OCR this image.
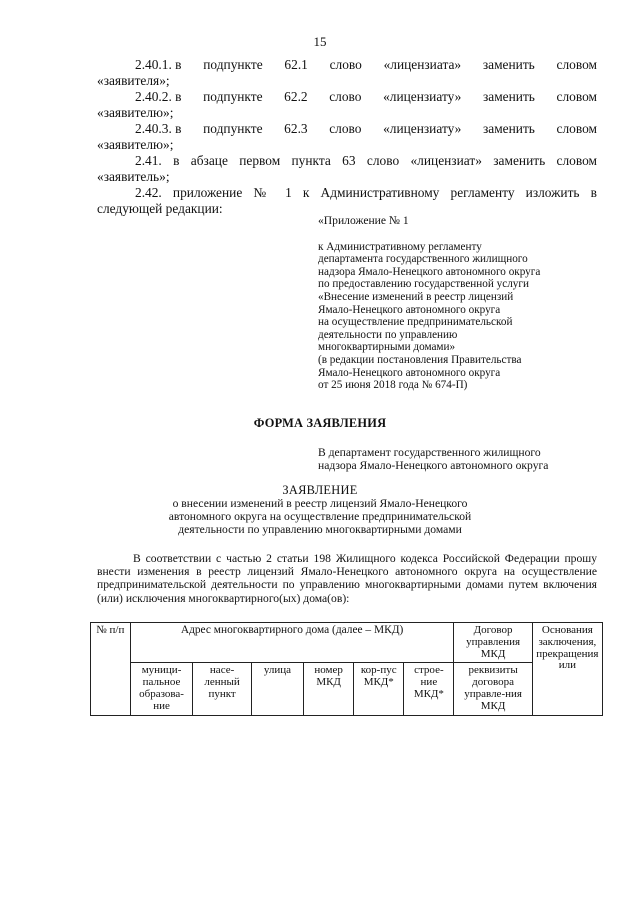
15
2.40.1. в подпункте 62.1 слово «лицензиата» заменить словом
«заявителя»;
2.40.2. в подпункте 62.2 слово «лицензиату» заменить словом
«заявителю»;
2.40.3. в подпункте 62.3 слово «лицензиату» заменить словом
«заявителю»;
2.41. в абзаце первом пункта 63 слово «лицензиат» заменить словом
«заявитель»;
2.42. приложение № 1 к Административному регламенту изложить в
следующей редакции:
«Приложение № 1
к Административному регламенту
департамента государственного жилищного
надзора Ямало-Ненецкого автономного округа
по предоставлению государственной услуги
«Внесение изменений в реестр лицензий
Ямало-Ненецкого автономного округа
на осуществление предпринимательской
деятельности по управлению
многоквартирными домами»
(в редакции постановления Правительства
Ямало-Ненецкого автономного округа
от 25 июня 2018 года № 674-П)
ФОРМА ЗАЯВЛЕНИЯ
В департамент государственного жилищного
надзора Ямало-Ненецкого автономного округа
ЗАЯВЛЕНИЕ
о внесении изменений в реестр лицензий Ямало-Ненецкого
автономного округа на осуществление предпринимательской
деятельности по управлению многоквартирными домами
В соответствии с частью 2 статьи 198 Жилищного кодекса Российской Федерации прошу внести изменения в реестр лицензий Ямало-Ненецкого автономного округа на осуществление предпринимательской деятельности по управлению многоквартирными домами путем включения (или) исключения многоквартирного(ых) дома(ов):
№ п/п	Адрес многоквартирного дома (далее – МКД)						Договор управления МКД	Основания заключения, прекращения или
	муници-пальное образова-ние	насе-ленный пункт	улица	номер МКД	кор-пус МКД*	строе-ние МКД*	реквизиты договора управле-ния МКД	
